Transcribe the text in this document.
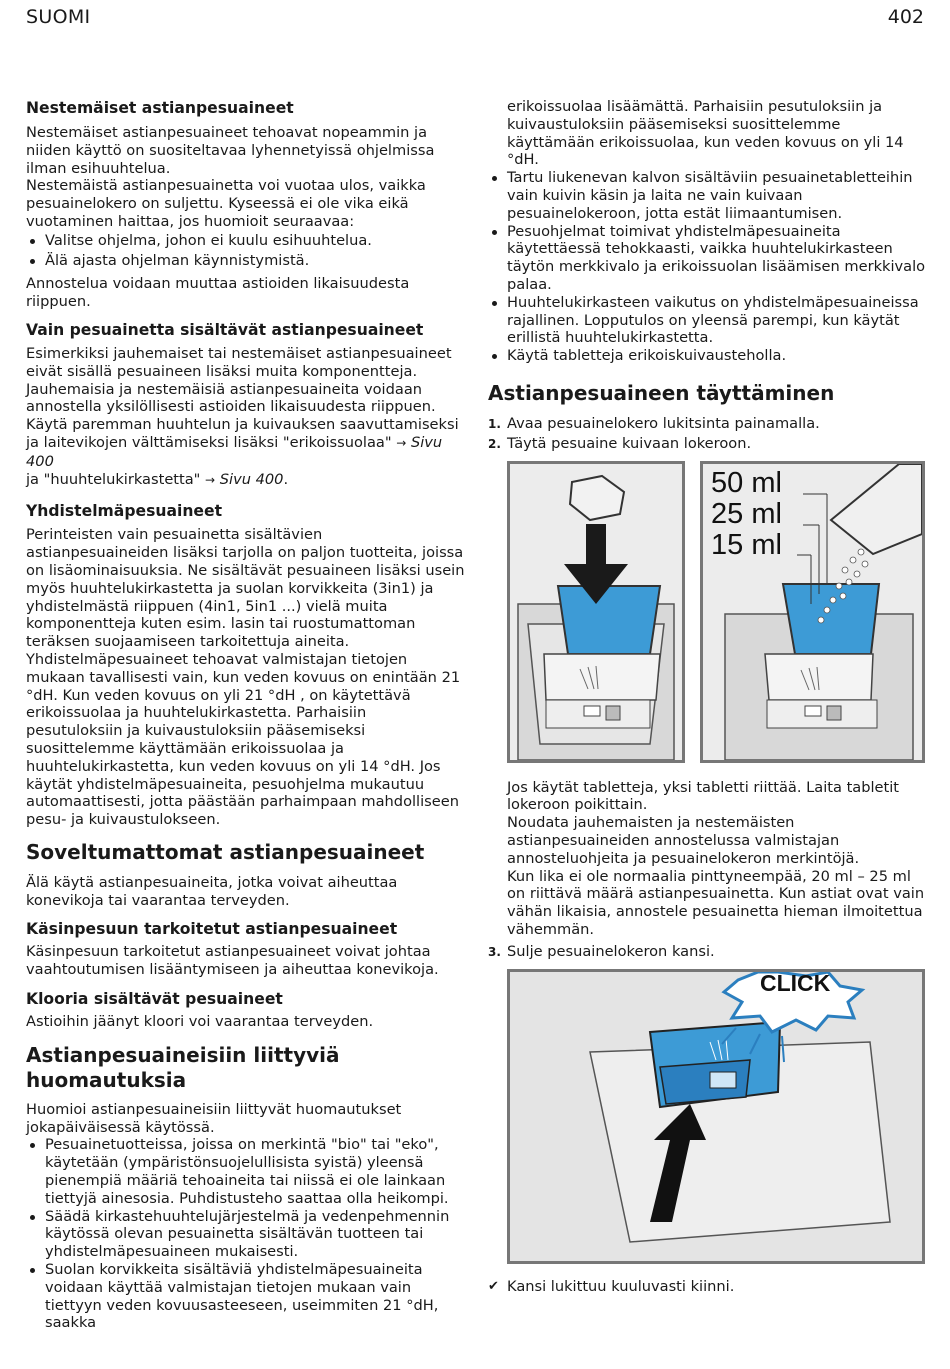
SUOMI	402
Nestemäiset astianpesuaineet

Nestemäiset astianpesuaineet tehoavat nopeammin ja niiden käyttö on suositeltavaa lyhennetyissä ohjelmissa ilman esihuuhtelua.

Nestemäistä astianpesuainetta voi vuotaa ulos, vaikka pesuainelokero on suljettu. Kyseessä ei ole vika eikä vuotaminen haittaa, jos huomioit seuraavaa:

Valitse ohjelma, johon ei kuulu esihuuhtelua.
Älä ajasta ohjelman käynnistymistä.

Annostelua voidaan muuttaa astioiden likaisuudesta riippuen.

Vain pesuainetta sisältävät astianpesuaineet

Esimerkiksi jauhemaiset tai nestemäiset astianpesuaineet eivät sisällä pesuaineen lisäksi muita komponentteja. Jauhemaisia ja nestemäisiä astianpesuaineita voidaan annostella yksilöllisesti astioiden likaisuudesta riippuen. Käytä paremman huuhtelun ja kuivauksen saavuttamiseksi ja laitevikojen välttämiseksi lisäksi "erikoissuolaa" → Sivu 400
ja "huuhtelukirkastetta" → Sivu 400.

Yhdistelmäpesuaineet

Perinteisten vain pesuainetta sisältävien astianpesuaineiden lisäksi tarjolla on paljon tuotteita, joissa on lisäominaisuuksia. Ne sisältävät pesuaineen lisäksi usein myös huuhtelukirkastetta ja suolan korvikkeita (3in1) ja yhdistelmästä riippuen (4in1, 5in1 ...) vielä muita komponentteja kuten esim. lasin tai ruostumattoman teräksen suojaamiseen tarkoitettuja aineita. Yhdistelmäpesuaineet tehoavat valmistajan tietojen mukaan tavallisesti vain, kun veden kovuus on enintään 21 °dH. Kun veden kovuus on yli 21 °dH , on käytettävä erikoissuolaa ja huuhtelukirkastetta. Parhaisiin pesutuloksiin ja kuivaustuloksiin pääsemiseksi suosittelemme käyttämään erikoissuolaa ja huuhtelukirkastetta, kun veden kovuus on yli 14 °dH. Jos käytät yhdistelmäpesuaineita, pesuohjelma mukautuu automaattisesti, jotta päästään parhaimpaan mahdolliseen pesu- ja kuivaustulokseen.

Soveltumattomat astianpesuaineet

Älä käytä astianpesuaineita, jotka voivat aiheuttaa konevikoja tai vaarantaa terveyden.

Käsinpesuun tarkoitetut astianpesuaineet

Käsinpesuun tarkoitetut astianpesuaineet voivat johtaa vaahtoutumisen lisääntymiseen ja aiheuttaa konevikoja.

Klooria sisältävät pesuaineet

Astioihin jäänyt kloori voi vaarantaa terveyden.

Astianpesuaineisiin liittyviä huomautuksia

Huomioi astianpesuaineisiin liittyvät huomautukset jokapäiväisessä käytössä.

Pesuainetuotteissa, joissa on merkintä "bio" tai "eko", käytetään (ympäristönsuojelullisista syistä) yleensä pienempiä määriä tehoaineita tai niissä ei ole lainkaan tiettyjä ainesosia. Puhdistusteho saattaa olla heikompi.
Säädä kirkastehuuhtelujärjestelmä ja vedenpehmennin käytössä olevan pesuainetta sisältävän tuotteen tai yhdistelmäpesuaineen mukaisesti.
Suolan korvikkeita sisältäviä yhdistelmäpesuaineita voidaan käyttää valmistajan tietojen mukaan vain tiettyyn veden kovuusasteeseen, useimmiten 21 °dH, saakka

erikoissuolaa lisäämättä. Parhaisiin pesutuloksiin ja kuivaustuloksiin pääsemiseksi suosittelemme käyttämään erikoissuolaa, kun veden kovuus on yli 14 °dH.

Tartu liukenevan kalvon sisältäviin pesuainetabletteihin vain kuivin käsin ja laita ne vain kuivaan pesuainelokeroon, jotta estät liimaantumisen.
Pesuohjelmat toimivat yhdistelmäpesuaineita käytettäessä tehokkaasti, vaikka huuhtelukirkasteen täytön merkkivalo ja erikoissuolan lisäämisen merkkivalo palaa.
Huuhtelukirkasteen vaikutus on yhdistelmäpesuaineissa rajallinen. Lopputulos on yleensä parempi, kun käytät erillistä huuhtelukirkastetta.
Käytä tabletteja erikoiskuivausteholla.
Astianpesuaineen täyttäminen
1. Avaa pesuainelokero lukitsinta painamalla.
2. Täytä pesuaine kuivaan lokeroon.
50 ml
25 ml
15 ml

Jos käytät tabletteja, yksi tabletti riittää. Laita tabletit lokeroon poikittain.
Noudata jauhemaisten ja nestemäisten astianpesuaineiden annostelussa valmistajan annosteluohjeita ja pesuainelokeron merkintöjä.
Kun lika ei ole normaalia pinttyneempää, 20 ml – 25 ml on riittävä määrä astianpesuainetta. Kun astiat ovat vain vähän likaisia, annostele pesuainetta hieman ilmoitettua vähemmän.

3. Sulje pesuainelokeron kansi.
CLICK
✔ Kansi lukittuu kuuluvasti kiinni.
